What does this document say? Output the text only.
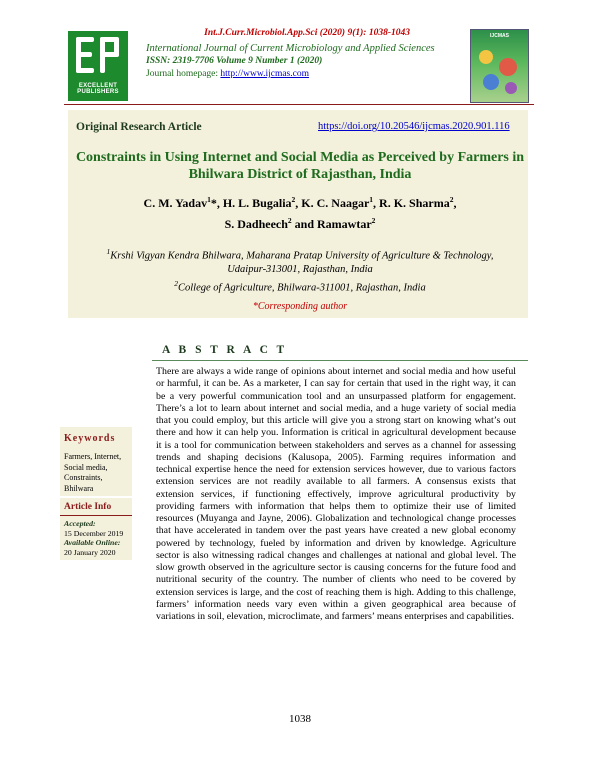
Int.J.Curr.Microbiol.App.Sci (2020) 9(1): 1038-1043
EXCELLENT PUBLISHERS
International Journal of Current Microbiology and Applied Sciences
ISSN: 2319-7706 Volume 9 Number 1 (2020)
Journal homepage: http://www.ijcmas.com
IJCMAS
Original Research Article	https://doi.org/10.20546/ijcmas.2020.901.116
Constraints in Using Internet and Social Media as Perceived by Farmers in
Bhilwara District of Rajasthan, India
C. M. Yadav$^1$*, H. L. Bugalia$^2$, K. C. Naagar$^1$, R. K. Sharma$^2$,
S. Dadheech$^2$ and Ramawtar$^2$
$^1$Krshi Vigyan Kendra Bhilwara, Maharana Pratap University of Agriculture & Technology,
Udaipur-313001, Rajasthan, India
$^2$College of Agriculture, Bhilwara-311001, Rajasthan, India
*Corresponding author
A B S T R A C T
There are always a wide range of opinions about internet and social media and how useful or harmful, it can be. As a marketer, I can say for certain that used in the right way, it can be a very powerful communication tool and an unsurpassed platform for engagement. There’s a lot to learn about internet and social media, and a huge variety of social media that you could employ, but this article will give you a strong start on knowing what’s out there and how it can help you. Information is critical in agricultural development because it is a tool for communication between stakeholders and serves as a channel for assessing trends and shaping decisions (Kalusopa, 2005). Farming requires information and technical expertise hence the need for extension services however, due to various factors extension services are not readily available to all farmers. A consensus exists that extension services, if functioning effectively, improve agricultural productivity by providing farmers with information that helps them to optimize their use of limited resources (Muyanga and Jayne, 2006). Globalization and technological change processes that have accelerated in tandem over the past years have created a new global economy powered by technology, fueled by information and driven by knowledge. Agriculture sector is also witnessing radical changes and challenges at national and global level. The slow growth observed in the agriculture sector is causing concerns for the future food and nutritional security of the country. The number of clients who need to be covered by extension services is large, and the cost of reaching them is high. Adding to this challenge, farmers’ information needs vary even within a given geographical area because of variations in soil, elevation, microclimate, and farmers’ means enterprises and capabilities.
Keywords
Farmers, Internet, Social media, Constraints, Bhilwara
Article Info
Accepted:
15 December 2019
Available Online:
20 January 2020
1038
